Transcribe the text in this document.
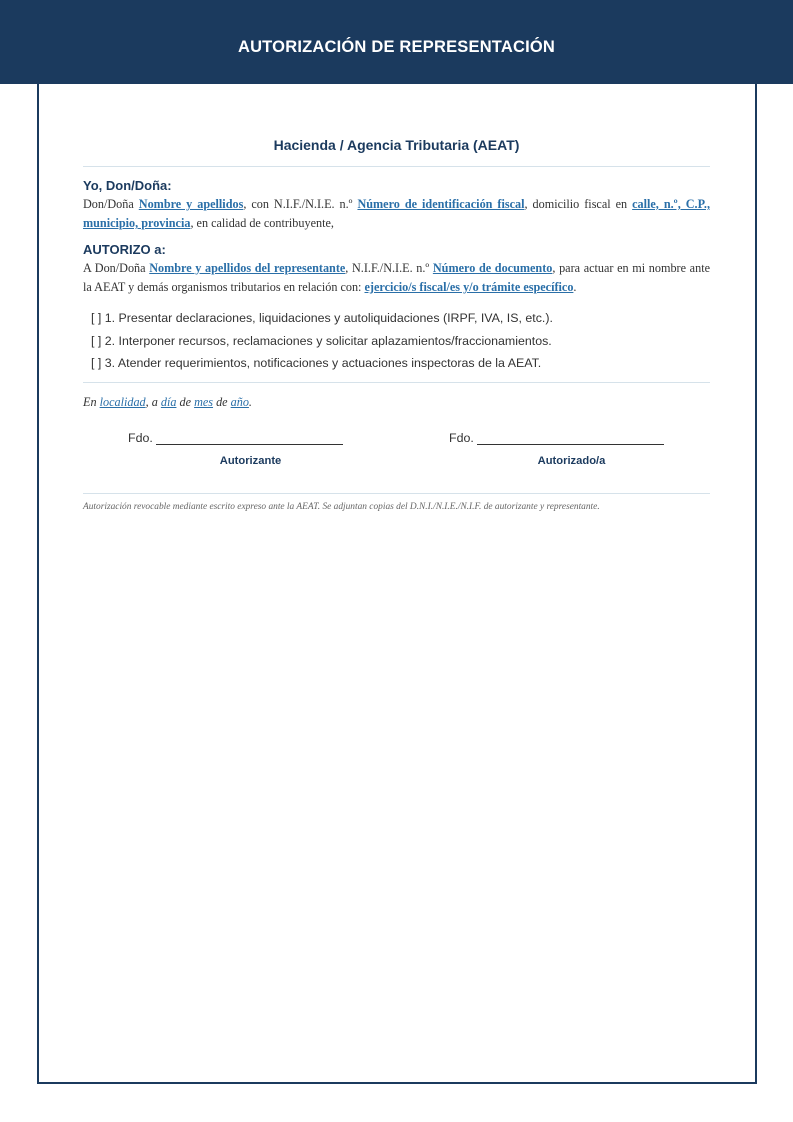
AUTORIZACIÓN DE REPRESENTACIÓN
Hacienda / Agencia Tributaria (AEAT)
Yo, Don/Doña:
Don/Doña Nombre y apellidos, con N.I.F./N.I.E. n.º Número de identificación fiscal, domicilio fiscal en calle, n.º, C.P., municipio, provincia, en calidad de contribuyente,
AUTORIZO a:
A Don/Doña Nombre y apellidos del representante, N.I.F./N.I.E. n.º Número de documento, para actuar en mi nombre ante la AEAT y demás organismos tributarios en relación con: ejercicio/s fiscal/es y/o trámite específico.
[ ] 1. Presentar declaraciones, liquidaciones y autoliquidaciones (IRPF, IVA, IS, etc.).
[ ] 2. Interponer recursos, reclamaciones y solicitar aplazamientos/fraccionamientos.
[ ] 3. Atender requerimientos, notificaciones y actuaciones inspectoras de la AEAT.
En localidad, a día de mes de año.
Fdo.
Autorizante
Fdo.
Autorizado/a
Autorización revocable mediante escrito expreso ante la AEAT. Se adjuntan copias del D.N.I./N.I.E./N.I.F. de autorizante y representante.
